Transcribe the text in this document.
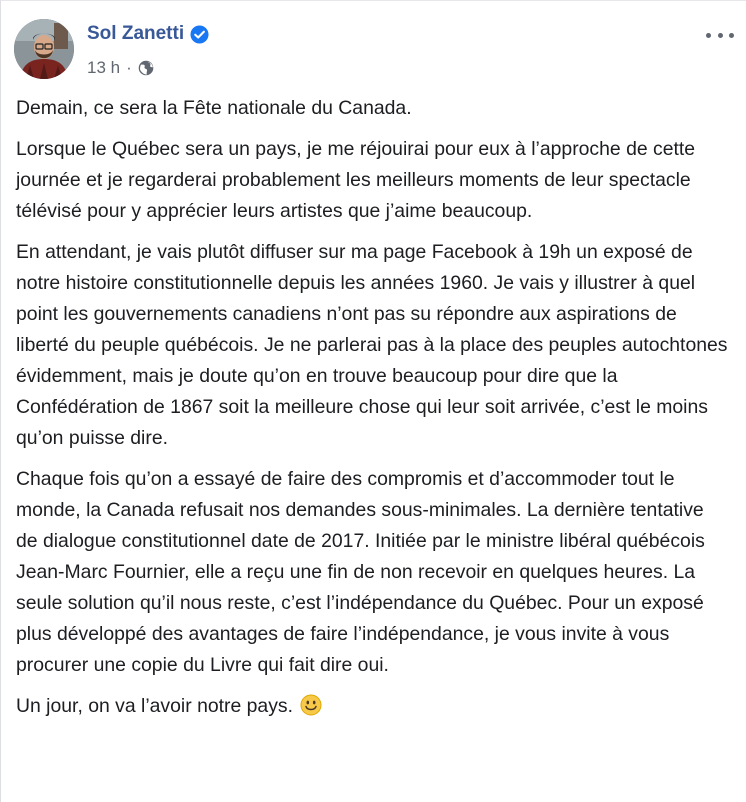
Sol Zanetti
13 h ·

Demain, ce sera la Fête nationale du Canada.

Lorsque le Québec sera un pays, je me réjouirai pour eux à l’approche de cette journée et je regarderai probablement les meilleurs moments de leur spectacle télévisé pour y apprécier leurs artistes que j’aime beaucoup.

En attendant, je vais plutôt diffuser sur ma page Facebook à 19h un exposé de notre histoire constitutionnelle depuis les années 1960. Je vais y illustrer à quel point les gouvernements canadiens n’ont pas su répondre aux aspirations de liberté du peuple québécois. Je ne parlerai pas à la place des peuples autochtones évidemment, mais je doute qu’on en trouve beaucoup pour dire que la Confédération de 1867 soit la meilleure chose qui leur soit arrivée, c’est le moins qu’on puisse dire.

Chaque fois qu’on a essayé de faire des compromis et d’accommoder tout le monde, la Canada refusait nos demandes sous-minimales. La dernière tentative de dialogue constitutionnel date de 2017. Initiée par le ministre libéral québécois Jean-Marc Fournier, elle a reçu une fin de non recevoir en quelques heures. La seule solution qu’il nous reste, c’est l’indépendance du Québec. Pour un exposé plus développé des avantages de faire l’indépendance, je vous invite à vous procurer une copie du Livre qui fait dire oui.

Un jour, on va l’avoir notre pays.
